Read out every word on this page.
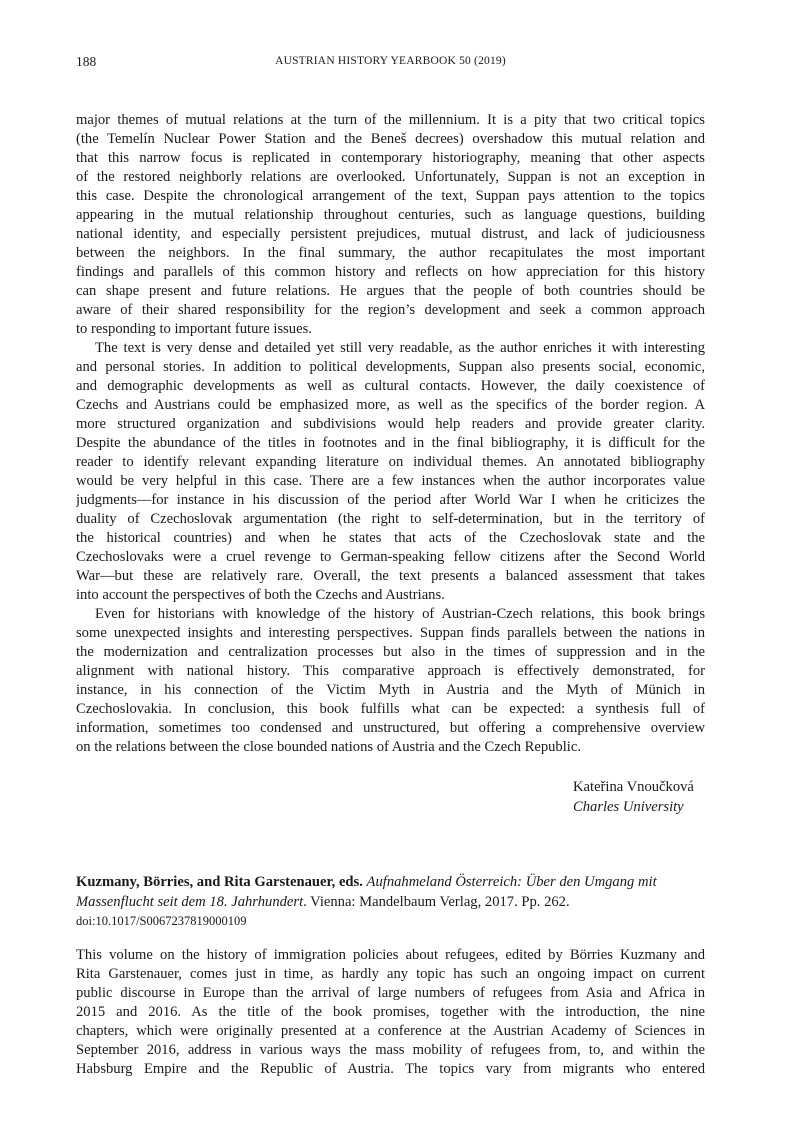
188	AUSTRIAN HISTORY YEARBOOK 50 (2019)
major themes of mutual relations at the turn of the millennium. It is a pity that two critical topics
(the Temelín Nuclear Power Station and the Beneš decrees) overshadow this mutual relation and
that this narrow focus is replicated in contemporary historiography, meaning that other aspects
of the restored neighborly relations are overlooked. Unfortunately, Suppan is not an exception in
this case. Despite the chronological arrangement of the text, Suppan pays attention to the topics
appearing in the mutual relationship throughout centuries, such as language questions, building
national identity, and especially persistent prejudices, mutual distrust, and lack of judiciousness
between the neighbors. In the final summary, the author recapitulates the most important
findings and parallels of this common history and reflects on how appreciation for this history
can shape present and future relations. He argues that the people of both countries should be
aware of their shared responsibility for the region’s development and seek a common approach
to responding to important future issues.
The text is very dense and detailed yet still very readable, as the author enriches it with interesting
and personal stories. In addition to political developments, Suppan also presents social, economic,
and demographic developments as well as cultural contacts. However, the daily coexistence of
Czechs and Austrians could be emphasized more, as well as the specifics of the border region. A
more structured organization and subdivisions would help readers and provide greater clarity.
Despite the abundance of the titles in footnotes and in the final bibliography, it is difficult for the
reader to identify relevant expanding literature on individual themes. An annotated bibliography
would be very helpful in this case. There are a few instances when the author incorporates value
judgments—for instance in his discussion of the period after World War I when he criticizes the
duality of Czechoslovak argumentation (the right to self-determination, but in the territory of
the historical countries) and when he states that acts of the Czechoslovak state and the
Czechoslovaks were a cruel revenge to German-speaking fellow citizens after the Second World
War—but these are relatively rare. Overall, the text presents a balanced assessment that takes
into account the perspectives of both the Czechs and Austrians.
Even for historians with knowledge of the history of Austrian-Czech relations, this book brings
some unexpected insights and interesting perspectives. Suppan finds parallels between the nations in
the modernization and centralization processes but also in the times of suppression and in the
alignment with national history. This comparative approach is effectively demonstrated, for
instance, in his connection of the Victim Myth in Austria and the Myth of Münich in
Czechoslovakia. In conclusion, this book fulfills what can be expected: a synthesis full of
information, sometimes too condensed and unstructured, but offering a comprehensive overview
on the relations between the close bounded nations of Austria and the Czech Republic.
Kateřina Vnoučková
Charles University
Kuzmany, Börries, and Rita Garstenauer, eds. Aufnahmeland Österreich: Über den Umgang mit Massenflucht seit dem 18. Jahrhundert. Vienna: Mandelbaum Verlag, 2017. Pp. 262.
doi:10.1017/S0067237819000109
This volume on the history of immigration policies about refugees, edited by Börries Kuzmany and
Rita Garstenauer, comes just in time, as hardly any topic has such an ongoing impact on current
public discourse in Europe than the arrival of large numbers of refugees from Asia and Africa in
2015 and 2016. As the title of the book promises, together with the introduction, the nine
chapters, which were originally presented at a conference at the Austrian Academy of Sciences in
September 2016, address in various ways the mass mobility of refugees from, to, and within the
Habsburg Empire and the Republic of Austria. The topics vary from migrants who entered
